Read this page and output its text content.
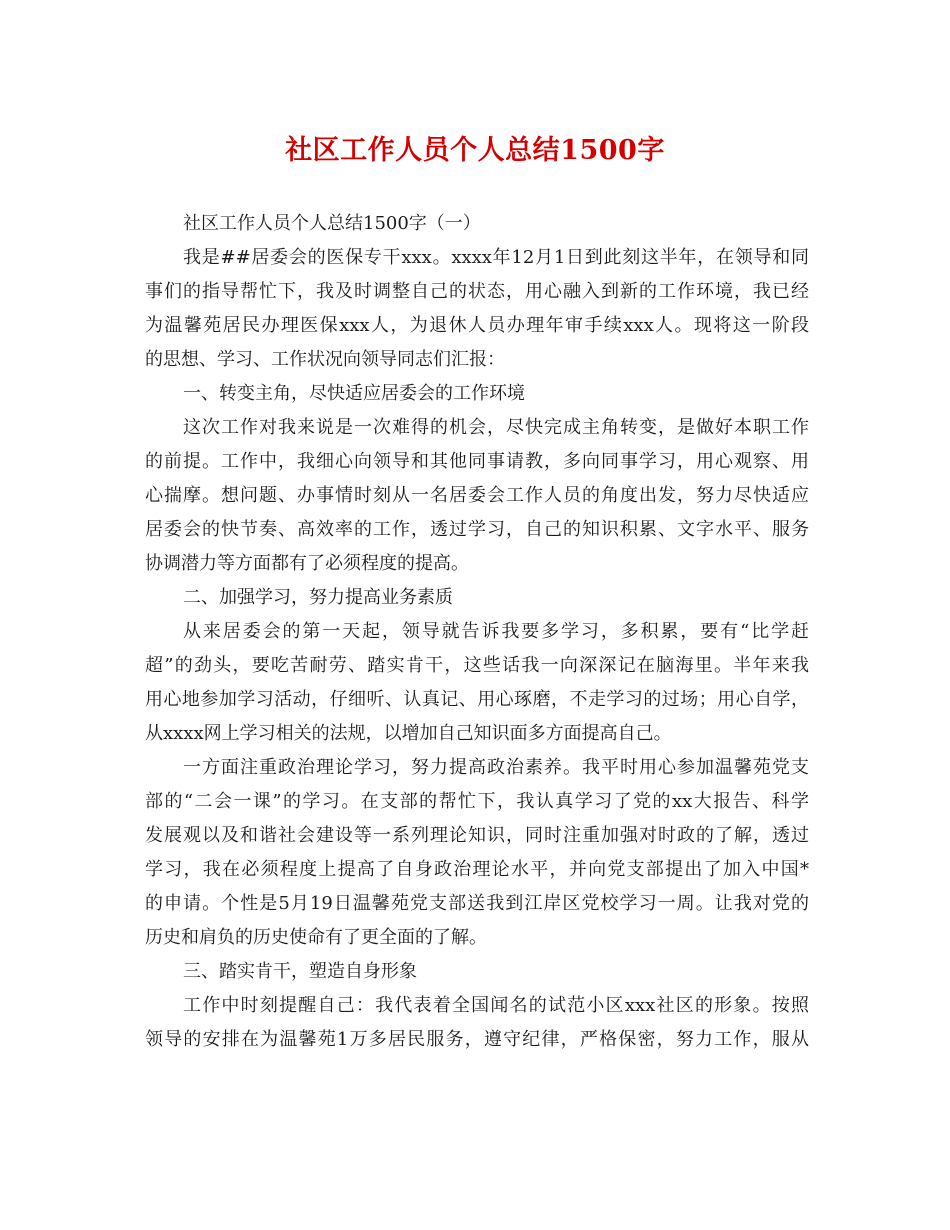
社区工作人员个人总结1500字

社区工作人员个人总结1500字（一）

我是##居委会的医保专干xxx。xxxx年12月1日到此刻这半年，在领导和同

事们的指导帮忙下，我及时调整自己的状态，用心融入到新的工作环境，我已经

为温馨苑居民办理医保xxx人，为退休人员办理年审手续xxx人。现将这一阶段

的思想、学习、工作状况向领导同志们汇报：

一、转变主角，尽快适应居委会的工作环境

这次工作对我来说是一次难得的机会，尽快完成主角转变，是做好本职工作

的前提。工作中，我细心向领导和其他同事请教，多向同事学习，用心观察、用

心揣摩。想问题、办事情时刻从一名居委会工作人员的角度出发，努力尽快适应

居委会的快节奏、高效率的工作，透过学习，自己的知识积累、文字水平、服务

协调潜力等方面都有了必须程度的提高。

二、加强学习，努力提高业务素质

从来居委会的第一天起，领导就告诉我要多学习，多积累，要有“比学赶

超”的劲头，要吃苦耐劳、踏实肯干，这些话我一向深深记在脑海里。半年来我

用心地参加学习活动，仔细听、认真记、用心琢磨，不走学习的过场；用心自学，

从xxxx网上学习相关的法规，以增加自己知识面多方面提高自己。

一方面注重政治理论学习，努力提高政治素养。我平时用心参加温馨苑党支

部的“二会一课”的学习。在支部的帮忙下，我认真学习了党的xx大报告、科学

发展观以及和谐社会建设等一系列理论知识，同时注重加强对时政的了解，透过

学习，我在必须程度上提高了自身政治理论水平，并向党支部提出了加入中国*

的申请。个性是5月19日温馨苑党支部送我到江岸区党校学习一周。让我对党的

历史和肩负的历史使命有了更全面的了解。

三、踏实肯干，塑造自身形象

工作中时刻提醒自己：我代表着全国闻名的试范小区xxx社区的形象。按照

领导的安排在为温馨苑1万多居民服务，遵守纪律，严格保密，努力工作，服从
